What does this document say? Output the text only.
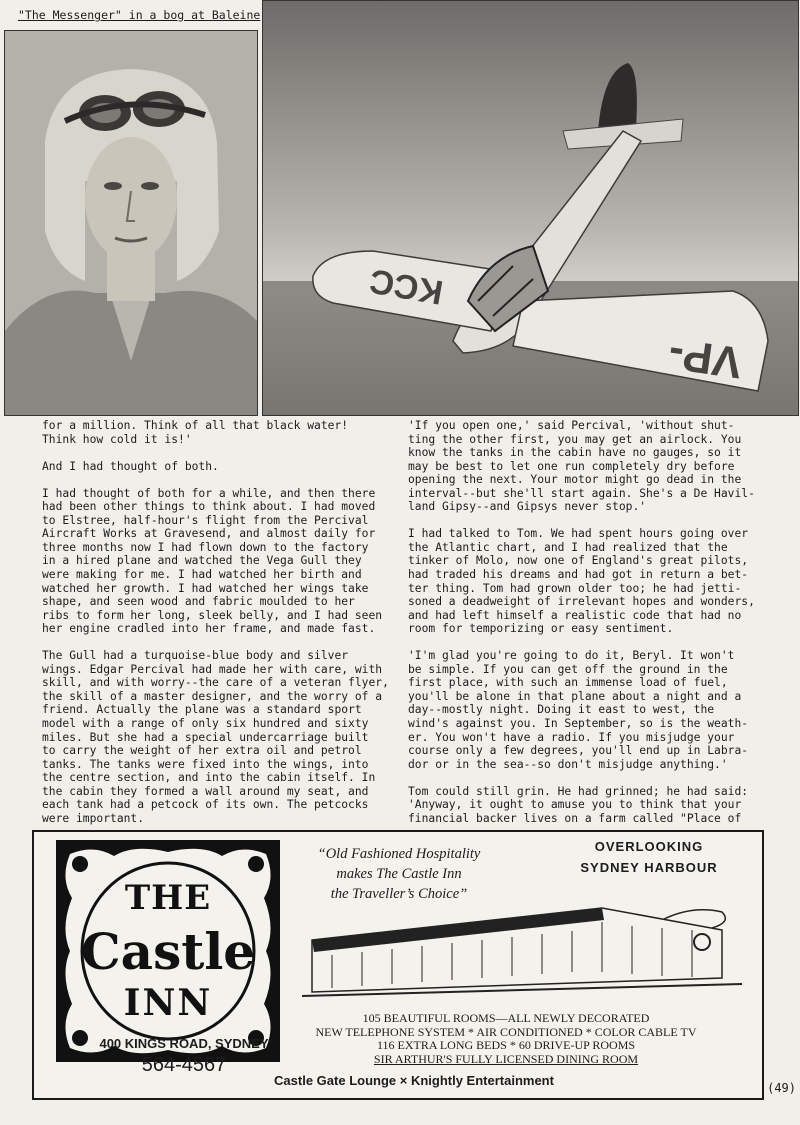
"The Messenger" in a bog at Baleine
KCC
VP-

for a million. Think of all that black water!
Think how cold it is!'

And I had thought of both.

I had thought of both for a while, and then there
had been other things to think about. I had moved
to Elstree, half-hour's flight from the Percival
Aircraft Works at Gravesend, and almost daily for
three months now I had flown down to the factory
in a hired plane and watched the Vega Gull they
were making for me. I had watched her birth and
watched her growth. I had watched her wings take
shape, and seen wood and fabric moulded to her
ribs to form her long, sleek belly, and I had seen
her engine cradled into her frame, and made fast.

The Gull had a turquoise-blue body and silver
wings. Edgar Percival had made her with care, with
skill, and with worry--the care of a veteran flyer,
the skill of a master designer, and the worry of a
friend. Actually the plane was a standard sport
model with a range of only six hundred and sixty
miles. But she had a special undercarriage built
to carry the weight of her extra oil and petrol
tanks. The tanks were fixed into the wings, into
the centre section, and into the cabin itself. In
the cabin they formed a wall around my seat, and
each tank had a petcock of its own. The petcocks
were important.

'If you open one,' said Percival, 'without shut-
ting the other first, you may get an airlock. You
know the tanks in the cabin have no gauges, so it
may be best to let one run completely dry before
opening the next. Your motor might go dead in the
interval--but she'll start again. She's a De Havil-
land Gipsy--and Gipsys never stop.'

I had talked to Tom. We had spent hours going over
the Atlantic chart, and I had realized that the
tinker of Molo, now one of England's great pilots,
had traded his dreams and had got in return a bet-
ter thing. Tom had grown older too; he had jetti-
soned a deadweight of irrelevant hopes and wonders,
and had left himself a realistic code that had no
room for temporizing or easy sentiment.

'I'm glad you're going to do it, Beryl. It won't
be simple. If you can get off the ground in the
first place, with such an immense load of fuel,
you'll be alone in that plane about a night and a
day--mostly night. Doing it east to west, the
wind's against you. In September, so is the weath-
er. You won't have a radio. If you misjudge your
course only a few degrees, you'll end up in Labra-
dor or in the sea--so don't misjudge anything.'

Tom could still grin. He had grinned; he had said:
'Anyway, it ought to amuse you to think that your
financial backer lives on a farm called "Place of

THE
Castle
INN
400 KINGS ROAD, SYDNEY
564-4567
“Old Fashioned Hospitality
makes The Castle Inn
the Traveller’s Choice”
OVERLOOKING
SYDNEY HARBOUR
105 BEAUTIFUL ROOMS—ALL NEWLY DECORATED
NEW TELEPHONE SYSTEM * AIR CONDITIONED * COLOR CABLE TV
116 EXTRA LONG BEDS * 60 DRIVE-UP ROOMS
SIR ARTHUR'S FULLY LICENSED DINING ROOM
Castle Gate Lounge × Knightly Entertainment	(49)
